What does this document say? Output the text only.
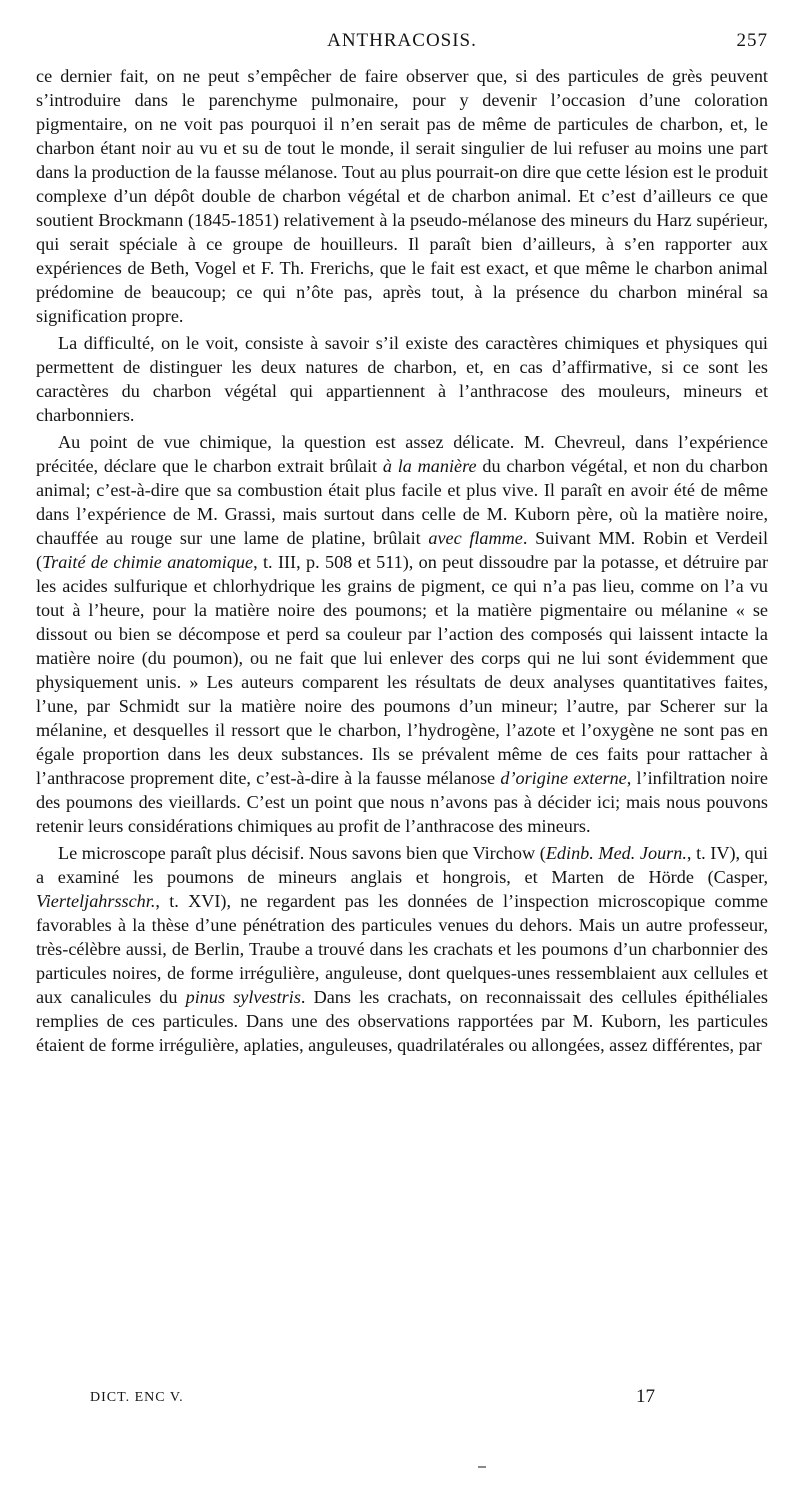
ANTHRACOSIS.	257

ce dernier fait, on ne peut s’empêcher de faire observer que, si des particules de grès peuvent s’introduire dans le parenchyme pulmonaire, pour y devenir l’occasion d’une coloration pigmentaire, on ne voit pas pourquoi il n’en serait pas de même de particules de charbon, et, le charbon étant noir au vu et su de tout le monde, il serait singulier de lui refuser au moins une part dans la production de la fausse mélanose. Tout au plus pourrait-on dire que cette lésion est le produit complexe d’un dépôt double de charbon végétal et de charbon animal. Et c’est d’ailleurs ce que soutient Brockmann (1845-1851) relativement à la pseudo-mélanose des mineurs du Harz supérieur, qui serait spéciale à ce groupe de houilleurs. Il paraît bien d’ailleurs, à s’en rapporter aux expériences de Beth, Vogel et F. Th. Frerichs, que le fait est exact, et que même le charbon animal prédomine de beaucoup; ce qui n’ôte pas, après tout, à la présence du charbon minéral sa signification propre.

La difficulté, on le voit, consiste à savoir s’il existe des caractères chimiques et physiques qui permettent de distinguer les deux natures de charbon, et, en cas d’affirmative, si ce sont les caractères du charbon végétal qui appartiennent à l’anthracose des mouleurs, mineurs et charbonniers.

Au point de vue chimique, la question est assez délicate. M. Chevreul, dans l’expérience précitée, déclare que le charbon extrait brûlait à la manière du charbon végétal, et non du charbon animal; c’est-à-dire que sa combustion était plus facile et plus vive. Il paraît en avoir été de même dans l’expérience de M. Grassi, mais surtout dans celle de M. Kuborn père, où la matière noire, chauffée au rouge sur une lame de platine, brûlait avec flamme. Suivant MM. Robin et Verdeil (Traité de chimie anatomique, t. III, p. 508 et 511), on peut dissoudre par la potasse, et détruire par les acides sulfurique et chlorhydrique les grains de pigment, ce qui n’a pas lieu, comme on l’a vu tout à l’heure, pour la matière noire des poumons; et la matière pigmentaire ou mélanine « se dissout ou bien se décompose et perd sa couleur par l’action des composés qui laissent intacte la matière noire (du poumon), ou ne fait que lui enlever des corps qui ne lui sont évidemment que physiquement unis. » Les auteurs comparent les résultats de deux analyses quantitatives faites, l’une, par Schmidt sur la matière noire des poumons d’un mineur; l’autre, par Scherer sur la mélanine, et desquelles il ressort que le charbon, l’hydrogène, l’azote et l’oxygène ne sont pas en égale proportion dans les deux substances. Ils se prévalent même de ces faits pour rattacher à l’anthracose proprement dite, c’est-à-dire à la fausse mélanose d’origine externe, l’infiltration noire des poumons des vieillards. C’est un point que nous n’avons pas à décider ici; mais nous pouvons retenir leurs considérations chimiques au profit de l’anthracose des mineurs.

Le microscope paraît plus décisif. Nous savons bien que Virchow (Edinb. Med. Journ., t. IV), qui a examiné les poumons de mineurs anglais et hongrois, et Marten de Hörde (Casper, Vierteljahrsschr., t. XVI), ne regardent pas les données de l’inspection microscopique comme favorables à la thèse d’une pénétration des particules venues du dehors. Mais un autre professeur, très-célèbre aussi, de Berlin, Traube a trouvé dans les crachats et les poumons d’un charbonnier des particules noires, de forme irrégulière, anguleuse, dont quelques-unes ressemblaient aux cellules et aux canalicules du pinus sylvestris. Dans les crachats, on reconnaissait des cellules épithéliales remplies de ces particules. Dans une des observations rapportées par M. Kuborn, les particules étaient de forme irrégulière, aplaties, anguleuses, quadrilatérales ou allongées, assez différentes, par

DICT. ENC V.	17
